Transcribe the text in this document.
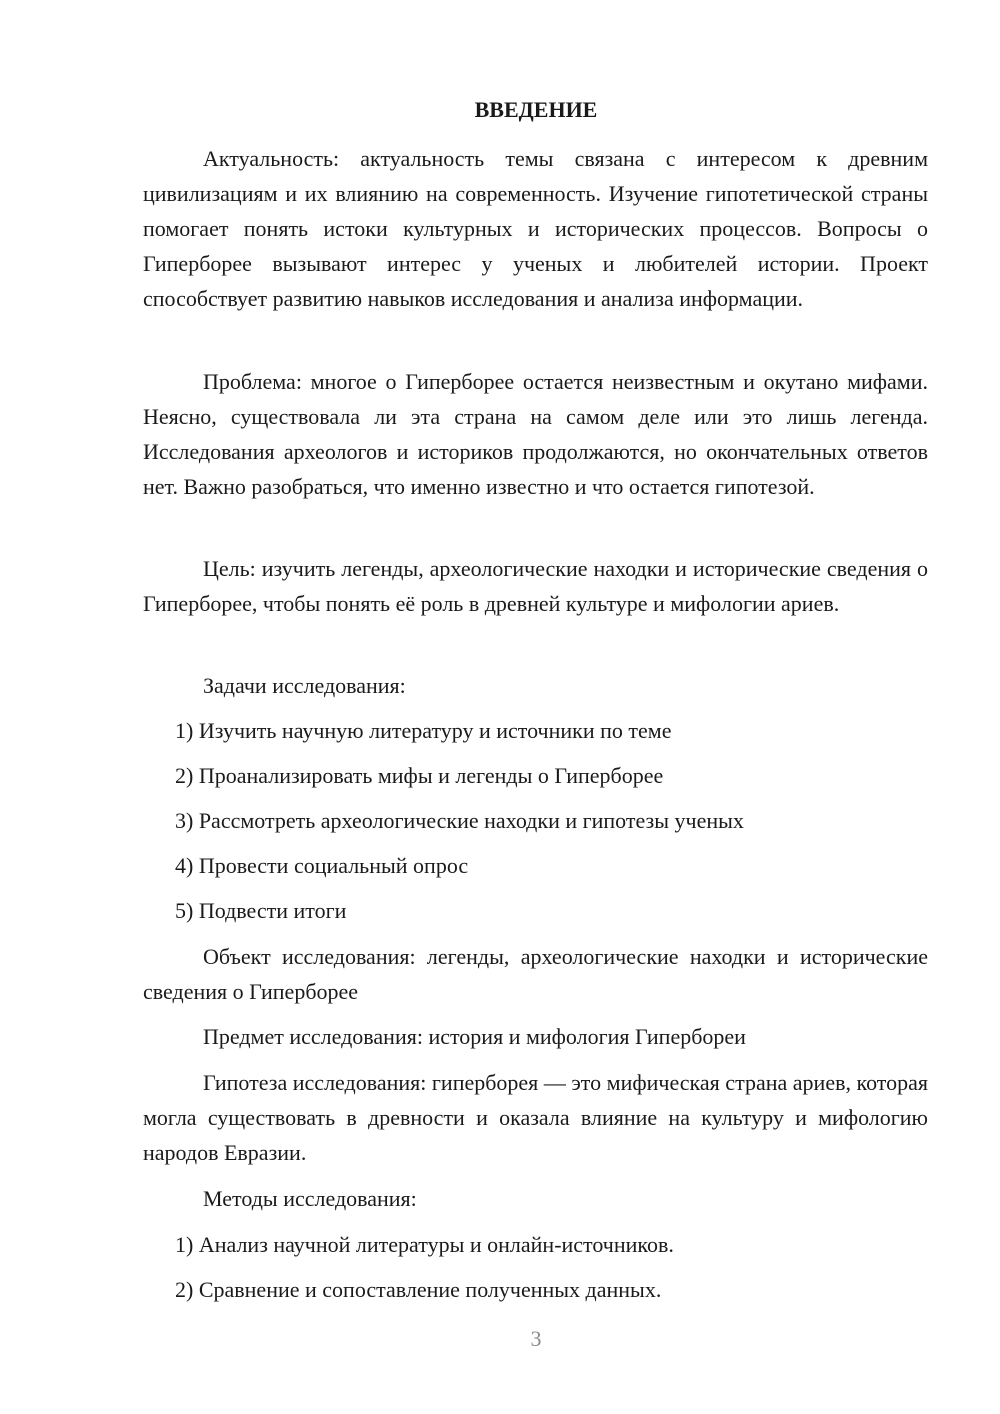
ВВЕДЕНИЕ

Актуальность: актуальность темы связана с интересом к древним цивилизациям и их влиянию на современность. Изучение гипотетической страны помогает понять истоки культурных и исторических процессов. Вопросы о Гиперборее вызывают интерес у ученых и любителей истории. Проект способствует развитию навыков исследования и анализа информации.

Проблема: многое о Гиперборее остается неизвестным и окутано мифами. Неясно, существовала ли эта страна на самом деле или это лишь легенда. Исследования археологов и историков продолжаются, но окончательных ответов нет. Важно разобраться, что именно известно и что остается гипотезой.

Цель: изучить легенды, археологические находки и исторические сведения о Гиперборее, чтобы понять её роль в древней культуре и мифологии ариев.

Задачи исследования:
1) Изучить научную литературу и источники по теме
2) Проанализировать мифы и легенды о Гиперборее
3) Рассмотреть археологические находки и гипотезы ученых
4) Провести социальный опрос
5) Подвести итоги

Объект исследования: легенды, археологические находки и исторические сведения о Гиперборее

Предмет исследования: история и мифология Гипербореи

Гипотеза исследования: гиперборея — это мифическая страна ариев, которая могла существовать в древности и оказала влияние на культуру и мифологию народов Евразии.

Методы исследования:
1) Анализ научной литературы и онлайн-источников.
2) Сравнение и сопоставление полученных данных.
3
